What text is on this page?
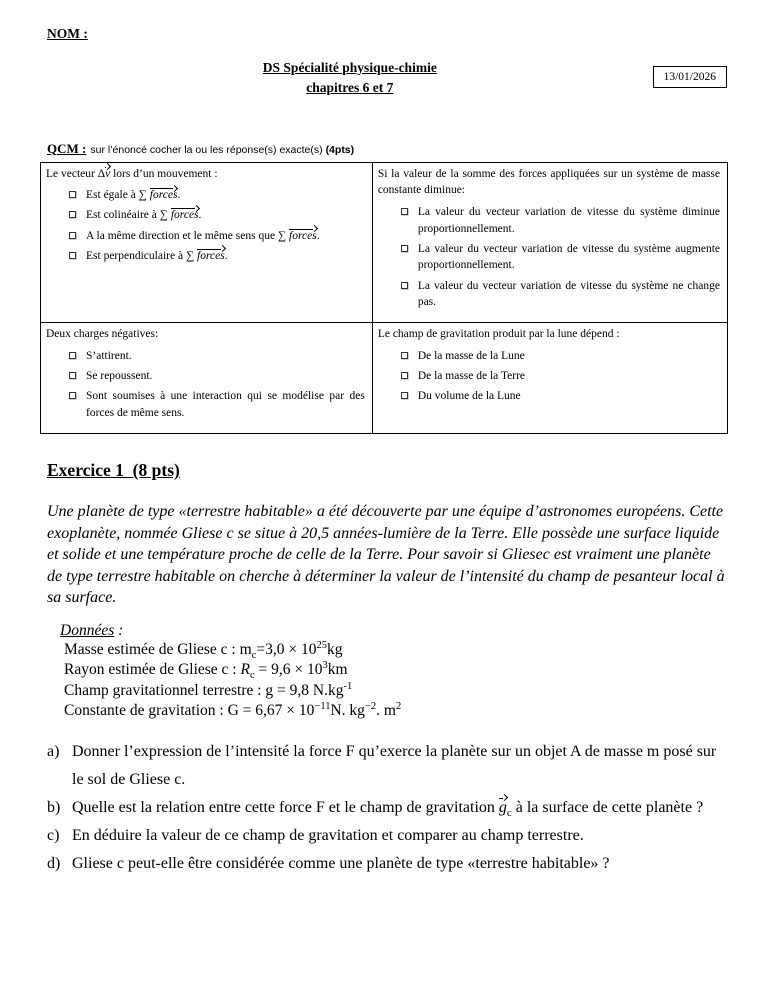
NOM :
DS Spécialité physique-chimie
chapitres 6 et 7
13/01/2026
QCM : sur l’énoncé cocher la ou les réponse(s) exacte(s) (4pts)
Le vecteur Δv lors d’un mouvement :
Est égale à ∑ forces.
Est colinéaire à ∑ forces.
A la même direction et le même sens que ∑ forces.
Est perpendiculaire à ∑ forces.

Si la valeur de la somme des forces appliquées sur un système de masse constante diminue:
La valeur du vecteur variation de vitesse du système diminue proportionnellement.
La valeur du vecteur variation de vitesse du système augmente proportionnellement.
La valeur du vecteur variation de vitesse du système ne change pas.

Deux charges négatives:
S’attirent.
Se repoussent.
Sont soumises à une interaction qui se modélise par des forces de même sens.

Le champ de gravitation produit par la lune dépend :
De la masse de la Lune
De la masse de la Terre
Du volume de la Lune
Exercice 1  (8 pts)

Une planète de type «terrestre habitable» a été découverte par une équipe d’astronomes européens. Cette exoplanète, nommée Gliese c se situe à 20,5 années-lumière de la Terre. Elle possède une surface liquide et solide et une température proche de celle de la Terre. Pour savoir si Gliesec est vraiment une planète de type terrestre habitable on cherche à déterminer la valeur de l’intensité du champ de pesanteur local à sa surface.

Données :
Masse estimée de Gliese c : $m_c=3,0 \times 10^{25}kg$
Rayon estimée de Gliese c : $R_c = 9,6 \times 10^3km$
Champ gravitationnel terrestre : g = 9,8 $N.kg^{-1}$
Constante de gravitation : $G = 6,67 \times 10^{-11}N$. $kg^{-2}$. $m^2$
a)Donner l’expression de l’intensité la force F qu’exerce la planète sur un objet A de masse m posé sur le sol de Gliese c.
b)Quelle est la relation entre cette force F et le champ de gravitation $g_c$ à la surface de cette planète ?
c)En déduire la valeur de ce champ de gravitation et comparer au champ terrestre.
d)Gliese c peut-elle être considérée comme une planète de type «terrestre habitable» ?
